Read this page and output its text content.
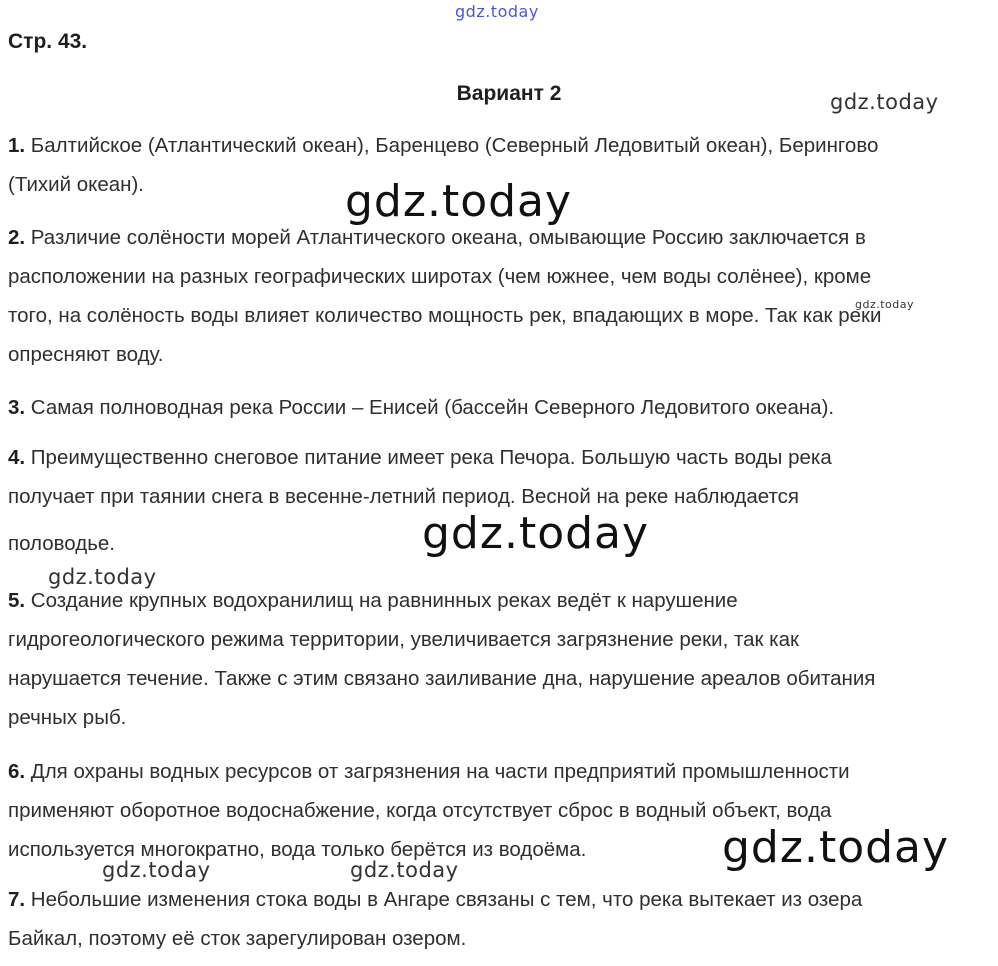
gdz.today
gdz.today
gdz.today
gdz.today
gdz.today
gdz.today
gdz.today
gdz.today	gdz.today
Стр. 43.
Вариант 2
1. Балтийское (Атлантический океан), Баренцево (Северный Ледовитый океан), Берингово
(Тихий океан).
2. Различие солёности морей Атлантического океана, омывающие Россию заключается в
расположении на разных географических широтах (чем южнее, чем воды солёнее), кроме
того, на солёность воды влияет количество мощность рек, впадающих в море. Так как реки
опресняют воду.
3. Самая полноводная река России – Енисей (бассейн Северного Ледовитого океана).
4. Преимущественно снеговое питание имеет река Печора. Большую часть воды река
получает при таянии снега в весенне-летний период. Весной на реке наблюдается
половодье.
5. Создание крупных водохранилищ на равнинных реках ведёт к нарушение
гидрогеологического режима территории, увеличивается загрязнение реки, так как
нарушается течение. Также с этим связано заиливание дна, нарушение ареалов обитания
речных рыб.
6. Для охраны водных ресурсов от загрязнения на части предприятий промышленности
применяют оборотное водоснабжение, когда отсутствует сброс в водный объект, вода
используется многократно, вода только берётся из водоёма.
7. Небольшие изменения стока воды в Ангаре связаны с тем, что река вытекает из озера
Байкал, поэтому её сток зарегулирован озером.
